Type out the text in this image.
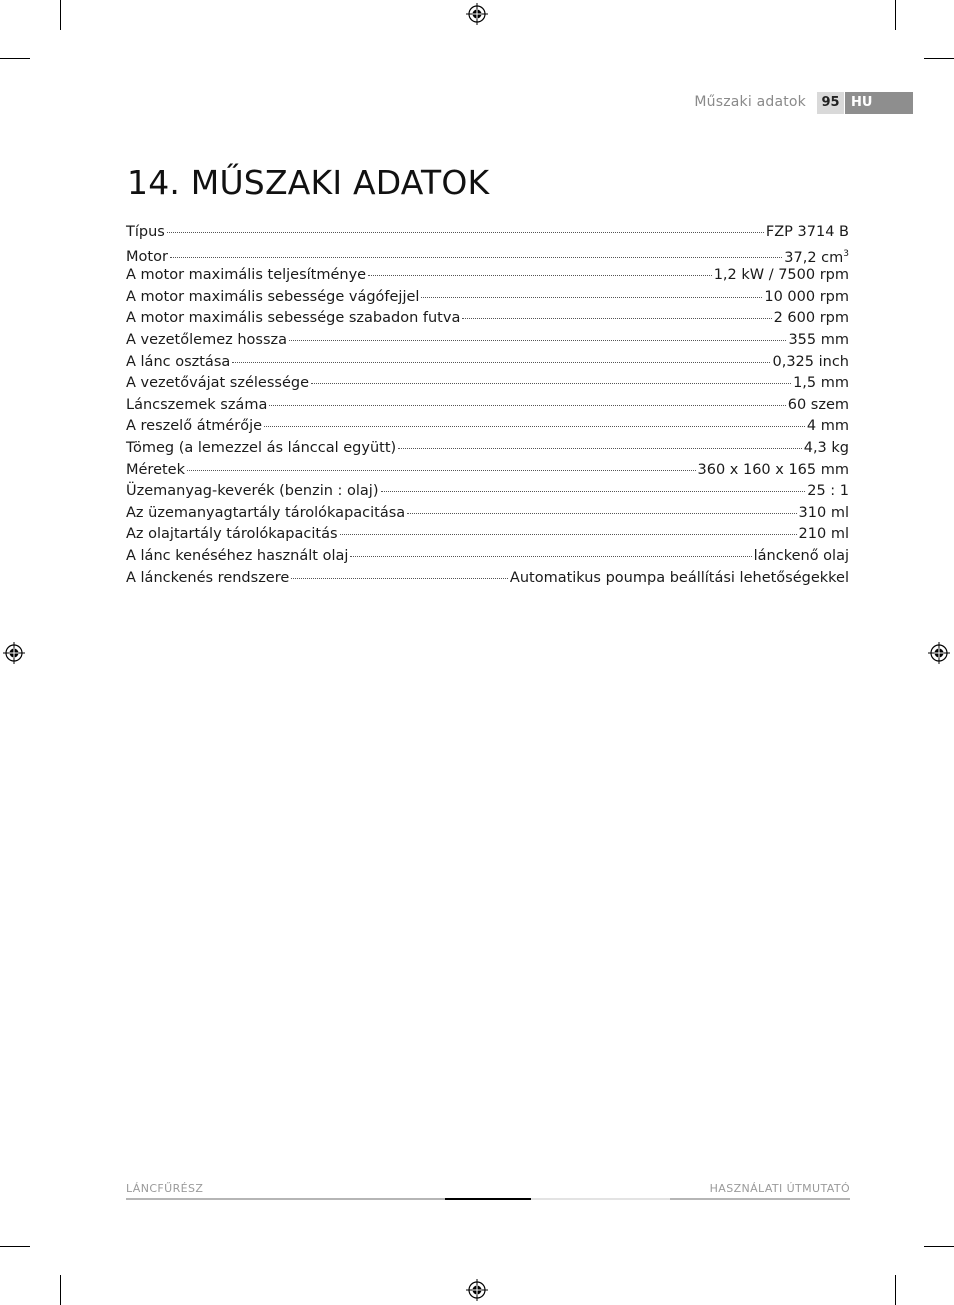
Műszaki adatok	95 HU
14. MŰSZAKI ADATOK
Típus	FZP 3714 B
Motor	37,2 $cm^3$
A motor maximális teljesítménye	1,2 kW / 7500 rpm
A motor maximális sebessége vágófejjel	10 000 rpm
A motor maximális sebessége szabadon futva	2 600 rpm
A vezetőlemez hossza	355 mm
A lánc osztása	0,325 inch
A vezetővájat szélessége	1,5 mm
Láncszemek száma	60 szem
A reszelő átmérője	4 mm
Tömeg (a lemezzel ás lánccal együtt)	4,3 kg
Méretek	360 x 160 x 165 mm
Üzemanyag-keverék (benzin : olaj)	25 : 1
Az üzemanyagtartály tárolókapacitása	310 ml
Az olajtartály tárolókapacitás	210 ml
A lánc kenéséhez használt olaj	lánckenő olaj
A lánckenés rendszere	Automatikus poumpa beállítási lehetőségekkel
LÁNCFŰRÉSZ	HASZNÁLATI ÚTMUTATÓ
